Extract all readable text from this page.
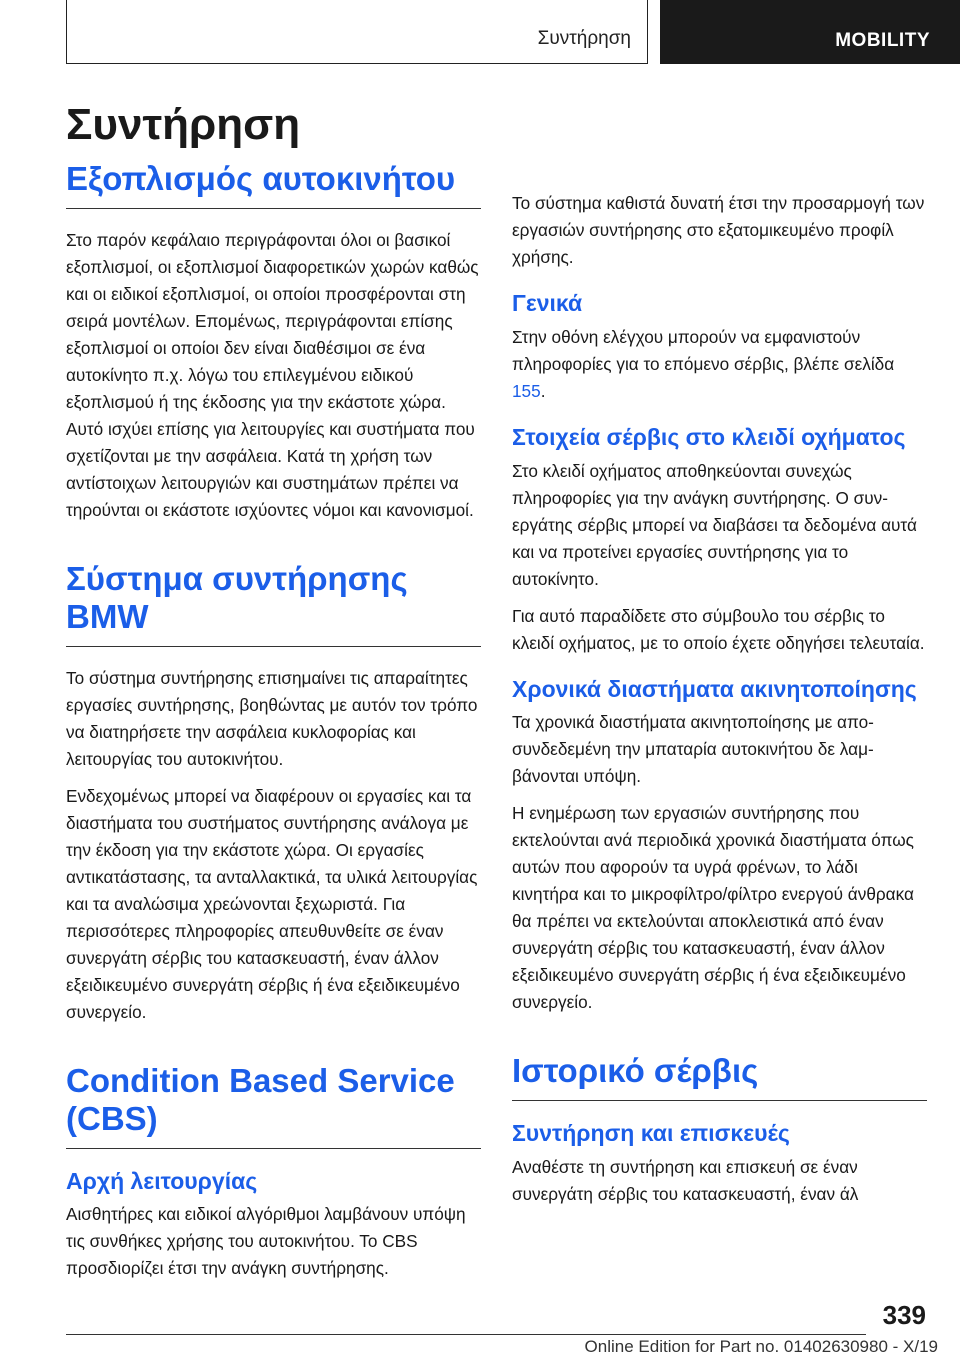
Συντήρηση	MOBILITY
Συντήρηση
Εξοπλισμός αυτοκινήτου

Στο παρόν κεφάλαιο περιγράφονται όλοι οι βασικοί εξοπλισμοί, οι εξοπλισμοί διαφορετικών χωρών καθώς και οι ειδικοί εξοπλισμοί, οι οποίοι προσφέρονται στη σειρά μοντέλων. Επομένως, περιγράφονται επίσης εξοπλισμοί οι οποίοι δεν είναι διαθέσιμοι σε ένα αυτοκίνητο π.χ. λόγω του επιλεγμένου ειδικού εξοπλισμού ή της έκδοσης για την εκάστοτε χώρα. Αυτό ισχύει επίσης για λειτουργίες και συστήματα που σχετίζονται με την ασφάλεια. Κατά τη χρήση των αντίστοιχων λειτουργιών και συστημάτων πρέπει να τηρούνται οι εκάστοτε ισχύοντες νόμοι και κανονισμοί.

Σύστημα συντήρησης BMW

Το σύστημα συντήρησης επισημαίνει τις απαραίτητες εργασίες συντήρησης, βοηθώντας με αυτόν τον τρόπο να διατηρήσετε την ασφάλεια κυκλοφορίας και λειτουργίας του αυτοκινήτου.

Ενδεχομένως μπορεί να διαφέρουν οι εργασίες και τα διαστήματα του συστήματος συντήρησης ανάλογα με την έκδοση για την εκάστοτε χώρα. Οι εργασίες αντικατάστασης, τα ανταλλακτικά, τα υλικά λειτουργίας και τα αναλώσιμα χρεώνονται ξεχωριστά. Για περισσότερες πληροφορίες απευθυνθείτε σε έναν συνεργάτη σέρβις του κατασκευαστή, έναν άλλον εξειδικευμένο συνεργάτη σέρβις ή ένα εξειδικευμένο συνεργείο.

Condition Based Service (CBS)
Αρχή λειτουργίας

Αισθητήρες και ειδικοί αλγόριθμοι λαμβάνουν υπόψη τις συνθήκες χρήσης του αυτοκινήτου. Το CBS προσδιορίζει έτσι την ανάγκη συντήρησης.

Το σύστημα καθιστά δυνατή έτσι την προσαρμογή των εργασιών συντήρησης στο εξατομικευμένο προφίλ χρήσης.

Γενικά

Στην οθόνη ελέγχου μπορούν να εμφανιστούν πληροφορίες για το επόμενο σέρβις, βλέπε σελίδα 155.

Στοιχεία σέρβις στο κλειδί οχήματος

Στο κλειδί οχήματος αποθηκεύονται συνεχώς πληροφορίες για την ανάγκη συντήρησης. Ο συνεργάτης σέρβις μπορεί να διαβάσει τα δεδομένα αυτά και να προτείνει εργασίες συντήρησης για το αυτοκίνητο.

Για αυτό παραδίδετε στο σύμβουλο του σέρβις το κλειδί οχήματος, με το οποίο έχετε οδηγήσει τελευταία.

Χρονικά διαστήματα ακινητοποίησης

Τα χρονικά διαστήματα ακινητοποίησης με αποσυνδεδεμένη την μπαταρία αυτοκινήτου δε λαμβάνονται υπόψη.

Η ενημέρωση των εργασιών συντήρησης που εκτελούνται ανά περιοδικά χρονικά διαστήματα όπως αυτών που αφορούν τα υγρά φρένων, το λάδι κινητήρα και το μικροφίλτρο/φίλτρο ενεργού άνθρακα θα πρέπει να εκτελούνται αποκλειστικά από έναν συνεργάτη σέρβις του κατασκευαστή, έναν άλλον εξειδικευμένο συνεργάτη σέρβις ή ένα εξειδικευμένο συνεργείο.

Ιστορικό σέρβις
Συντήρηση και επισκευές

Αναθέστε τη συντήρηση και επισκευή σε έναν συνεργάτη σέρβις του κατασκευαστή, έναν άλ

339
Online Edition for Part no. 01402630980 - X/19
